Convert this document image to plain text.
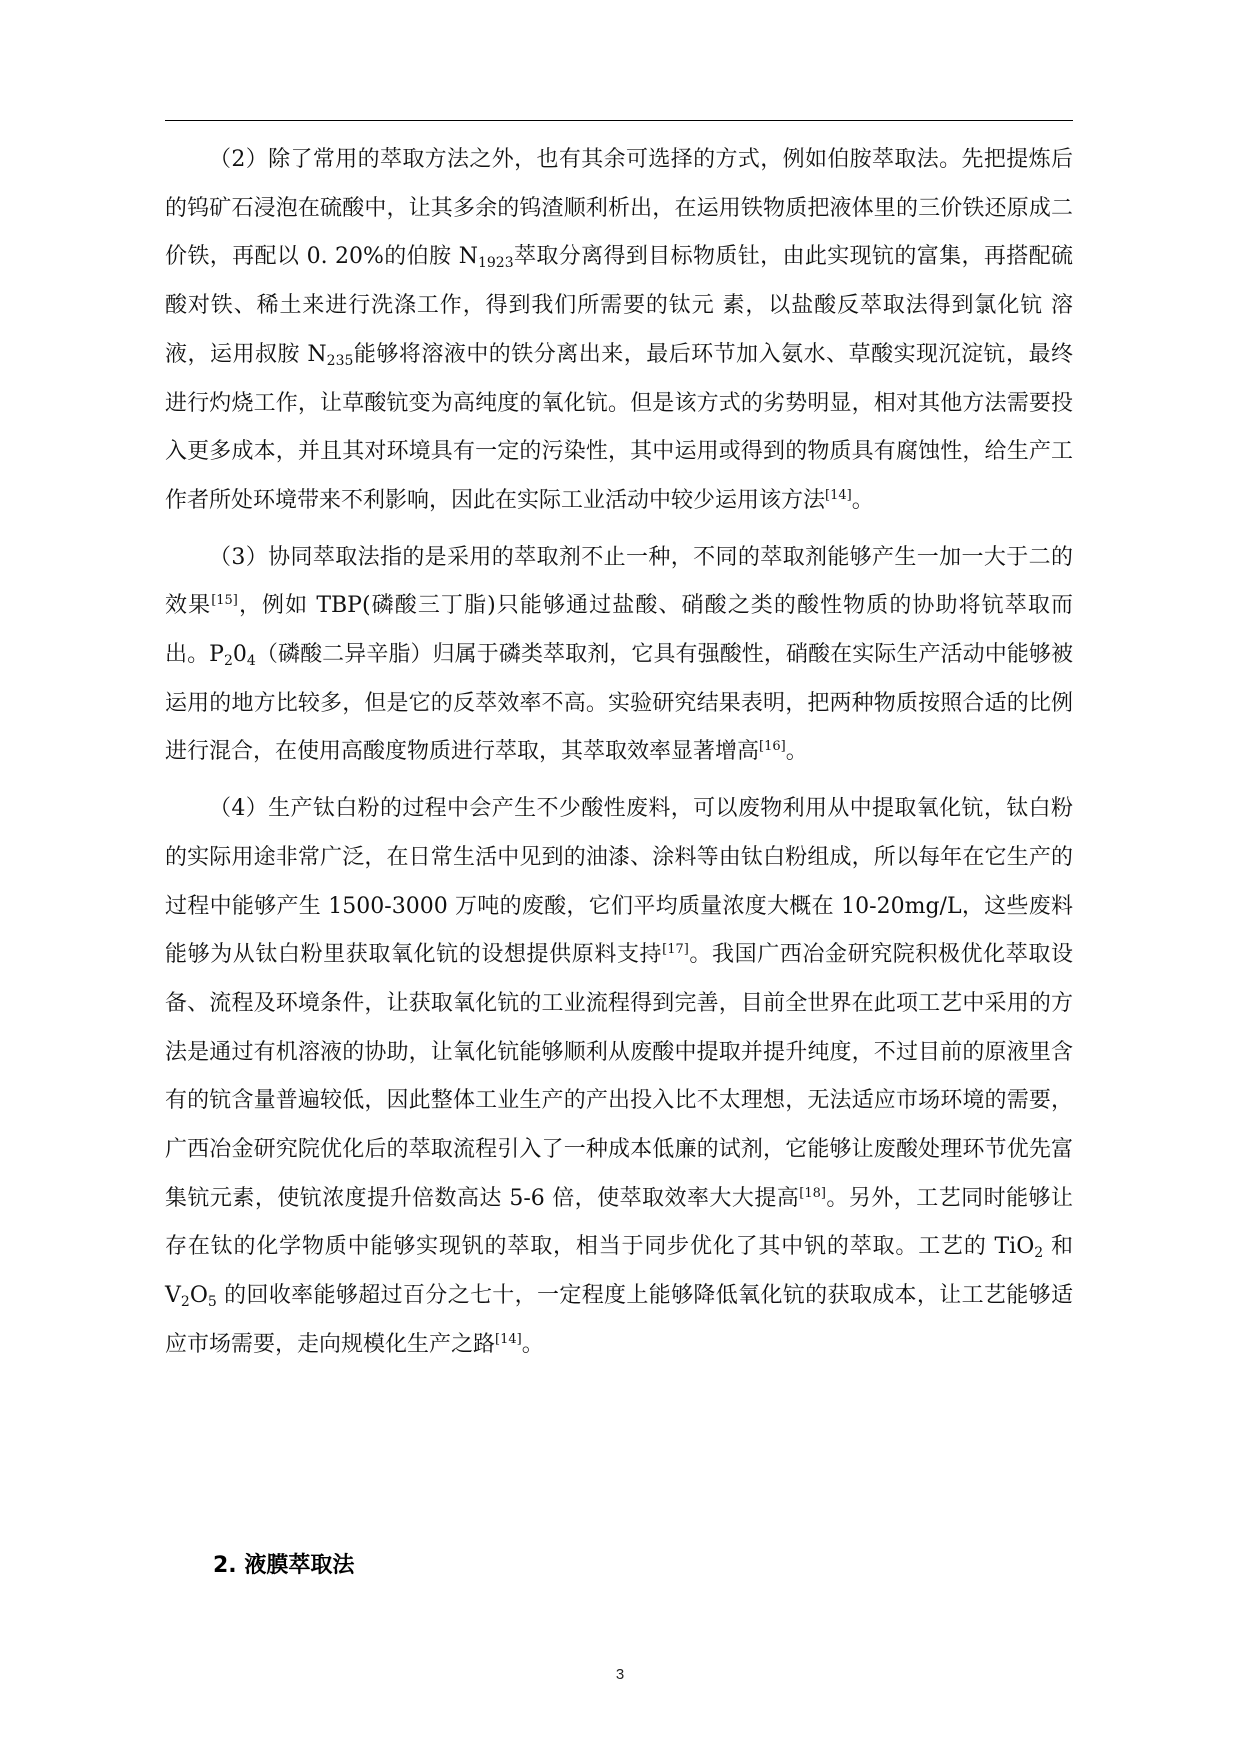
（2）除了常用的萃取方法之外，也有其余可选择的方式，例如伯胺萃取法。先把提炼后的钨矿石浸泡在硫酸中，让其多余的钨渣顺利析出，在运用铁物质把液体里的三价铁还原成二价铁，再配以 0. 20%的伯胺 $N_{1923}$萃取分离得到目标物质钍，由此实现钪的富集，再搭配硫酸对铁、稀土来进行洗涤工作，得到我们所需要的钛元 素，以盐酸反萃取法得到氯化钪 溶液，运用叔胺 $N_{235}$能够将溶液中的铁分离出来，最后环节加入氨水、草酸实现沉淀钪，最终进行灼烧工作，让草酸钪变为高纯度的氧化钪。但是该方式的劣势明显，相对其他方法需要投入更多成本，并且其对环境具有一定的污染性，其中运用或得到的物质具有腐蚀性，给生产工作者所处环境带来不利影响，因此在实际工业活动中较少运用该方法[14]。

（3）协同萃取法指的是采用的萃取剂不止一种，不同的萃取剂能够产生一加一大于二的效果[15]，例如 TBP(磷酸三丁脂)只能够通过盐酸、硝酸之类的酸性物质的协助将钪萃取而出。$P_20_4$（磷酸二异辛脂）归属于磷类萃取剂，它具有强酸性，硝酸在实际生产活动中能够被运用的地方比较多，但是它的反萃效率不高。实验研究结果表明，把两种物质按照合适的比例进行混合，在使用高酸度物质进行萃取，其萃取效率显著增高[16]。

（4）生产钛白粉的过程中会产生不少酸性废料，可以废物利用从中提取氧化钪，钛白粉的实际用途非常广泛，在日常生活中见到的油漆、涂料等由钛白粉组成，所以每年在它生产的过程中能够产生 1500-3000 万吨的废酸，它们平均质量浓度大概在 10-20mg/L，这些废料能够为从钛白粉里获取氧化钪的设想提供原料支持[17]。我国广西冶金研究院积极优化萃取设备、流程及环境条件，让获取氧化钪的工业流程得到完善，目前全世界在此项工艺中采用的方法是通过有机溶液的协助，让氧化钪能够顺利从废酸中提取并提升纯度，不过目前的原液里含有的钪含量普遍较低，因此整体工业生产的产出投入比不太理想，无法适应市场环境的需要，广西冶金研究院优化后的萃取流程引入了一种成本低廉的试剂，它能够让废酸处理环节优先富集钪元素，使钪浓度提升倍数高达 5-6 倍，使萃取效率大大提高[18]。另外，工艺同时能够让存在钛的化学物质中能够实现钒的萃取，相当于同步优化了其中钒的萃取。工艺的 TiO$_2$ 和 $V_2O_5$ 的回收率能够超过百分之七十，一定程度上能够降低氧化钪的获取成本，让工艺能够适应市场需要，走向规模化生产之路[14]。

2. 液膜萃取法
3
